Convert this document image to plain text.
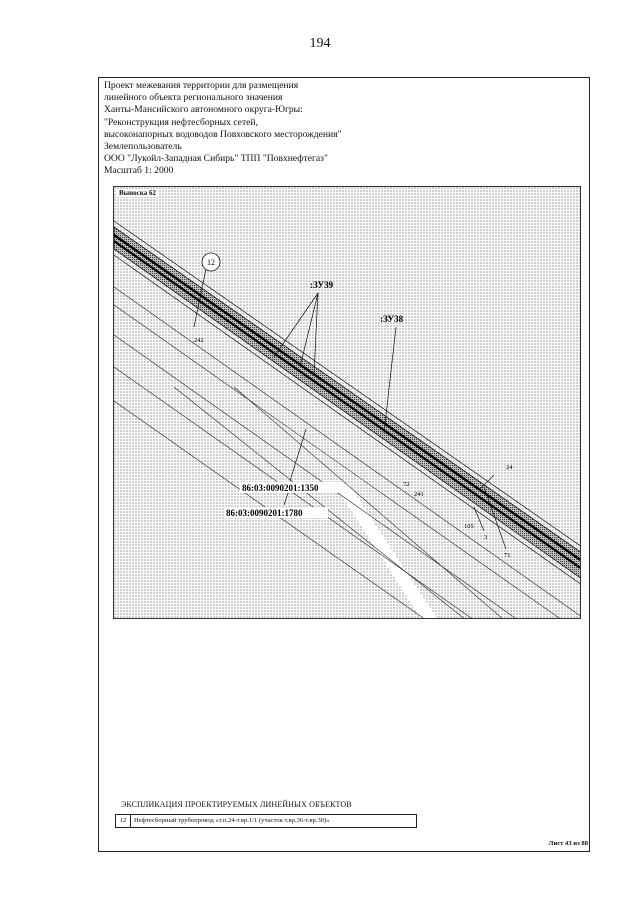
194
Проект межевания территории для размещения
линейного объекта регионального значения
Ханты-Мансийского автономного округа-Югры:
"Реконструкция нефтесборных сетей,
высоконапорных водоводов Повховского месторождения"
Землепользователь
ООО "Лукойл-Западная Сибирь" ТПП "Повхнефтегаз"
Масштаб 1: 2000
12
:ЗУ39
:ЗУ38
86:03:0090201:1350
86:03:0090201:1780
242
72
241
24
105
3
71
Выноска 62
ЭКСПЛИКАЦИЯ ПРОЕКТИРУЕМЫХ ЛИНЕЙНЫХ ОБЪЕКТОВ
12	Нефтесборный трубопровод «т.п.24-т.вр.1/1 (участок т.вр.36-т.вр.30)»
Лист 43 из 88
